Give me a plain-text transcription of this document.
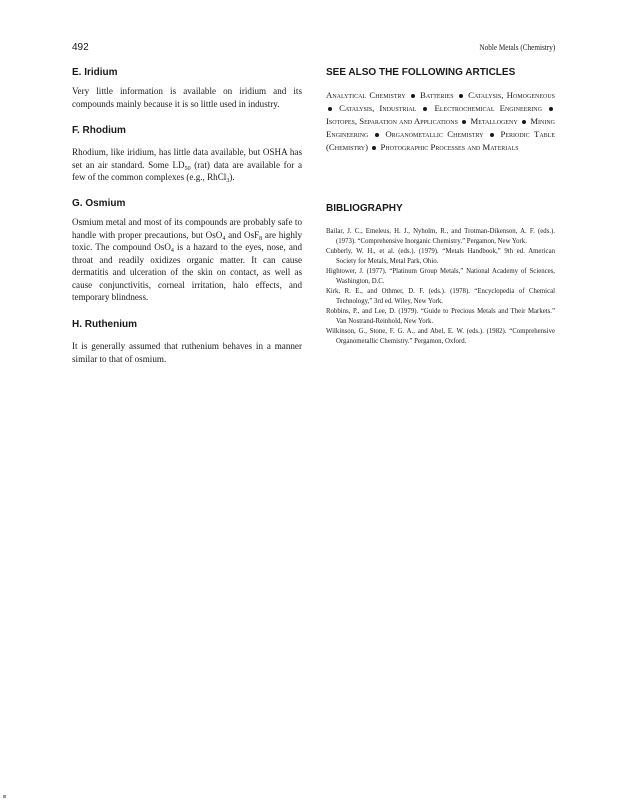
492	Noble Metals (Chemistry)
E. Iridium

Very little information is available on iridium and its compounds mainly because it is so little used in industry.

F. Rhodium

Rhodium, like iridium, has little data available, but OSHA has set an air standard. Some $LD_{50}$ (rat) data are available for a few of the common complexes (e.g., RhCl$_3$).

G. Osmium

Osmium metal and most of its compounds are probably safe to handle with proper precautions, but OsO$_4$ and OsF$_8$ are highly toxic. The compound OsO$_4$ is a hazard to the eyes, nose, and throat and readily oxidizes organic matter. It can cause dermatitis and ulceration of the skin on contact, as well as cause conjunctivitis, corneal irritation, halo effects, and temporary blindness.

H. Ruthenium

It is generally assumed that ruthenium behaves in a manner similar to that of osmium.

SEE ALSO THE FOLLOWING ARTICLES

Analytical Chemistry Batteries Catalysis, Homogeneous  Catalysis, Industrial Electrochemical Engineering  Isotopes, Separation and Applications Metallogeny Mining Engineering Organometallic Chemistry Periodic Table (Chemistry) Photographic Processes and Materials

BIBLIOGRAPHY
Bailar, J. C., Emeleus, H. J., Nyholm, R., and Trotman-Dikenson, A. F. (eds.). (1973). “Comprehensive Inorganic Chemistry.” Pergamon, New York.
Cubberly, W. H., et al. (eds.). (1979). “Metals Handbook,” 9th ed. American Society for Metals, Metal Park, Ohio.
Hightower, J. (1977). “Platinum Group Metals,” National Academy of Sciences, Washington, D.C.
Kirk, R. E., and Othmer, D. F. (eds.). (1978). “Encyclopedia of Chemical Technology,” 3rd ed. Wiley, New York.
Robbins, P., and Lee, D. (1979). “Guide to Precious Metals and Their Markets.” Van Nostrand-Reinhold, New York.
Wilkinson, G., Stone, F. G. A., and Abel, E. W. (eds.). (1982). “Comprehensive Organometallic Chemistry.” Pergamon, Oxford.
